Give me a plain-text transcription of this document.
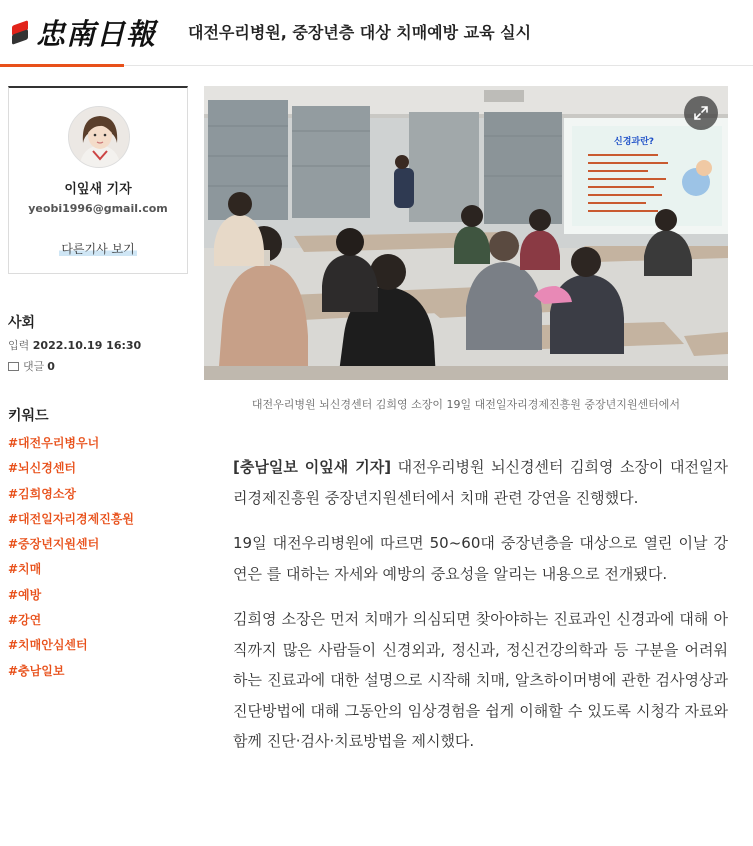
忠南日報 대전우리병원, 중장년층 대상 치매예방 교육 실시
이잎새 기자
yeobi1996@gmail.com
다른기사 보기
사회
입력 2022.10.19 16:30
댓글 0
키워드
#대전우리병우너
#뇌신경센터
#김희영소장
#대전일자리경제진흥원
#중장년지원센터
#치매
#예방
#강연
#치매안심센터
#충남일보
신경과란?
대전우리병원 뇌신경센터 김희영 소장이 19일 대전일자리경제진흥원 중장년지원센터에서

[충남일보 이잎새 기자] 대전우리병원 뇌신경센터 김희영 소장이 대전일자리경제진흥원 중장년지원센터에서 치매 관련 강연을 진행했다.

19일 대전우리병원에 따르면 50~60대 중장년층을 대상으로 열린 이날 강연은 를 대하는 자세와 예방의 중요성을 알리는 내용으로 전개됐다.

김희영 소장은 먼저 치매가 의심되면 찾아야하는 진료과인 신경과에 대해 아직까지 많은 사람들이 신경외과, 정신과, 정신건강의학과 등 구분을 어려워하는 진료과에 대한 설명으로 시작해 치매, 알츠하이머병에 관한 검사영상과 진단방법에 대해 그동안의 임상경험을 쉽게 이해할 수 있도록 시청각 자료와 함께 진단·검사·치료방법을 제시했다.
